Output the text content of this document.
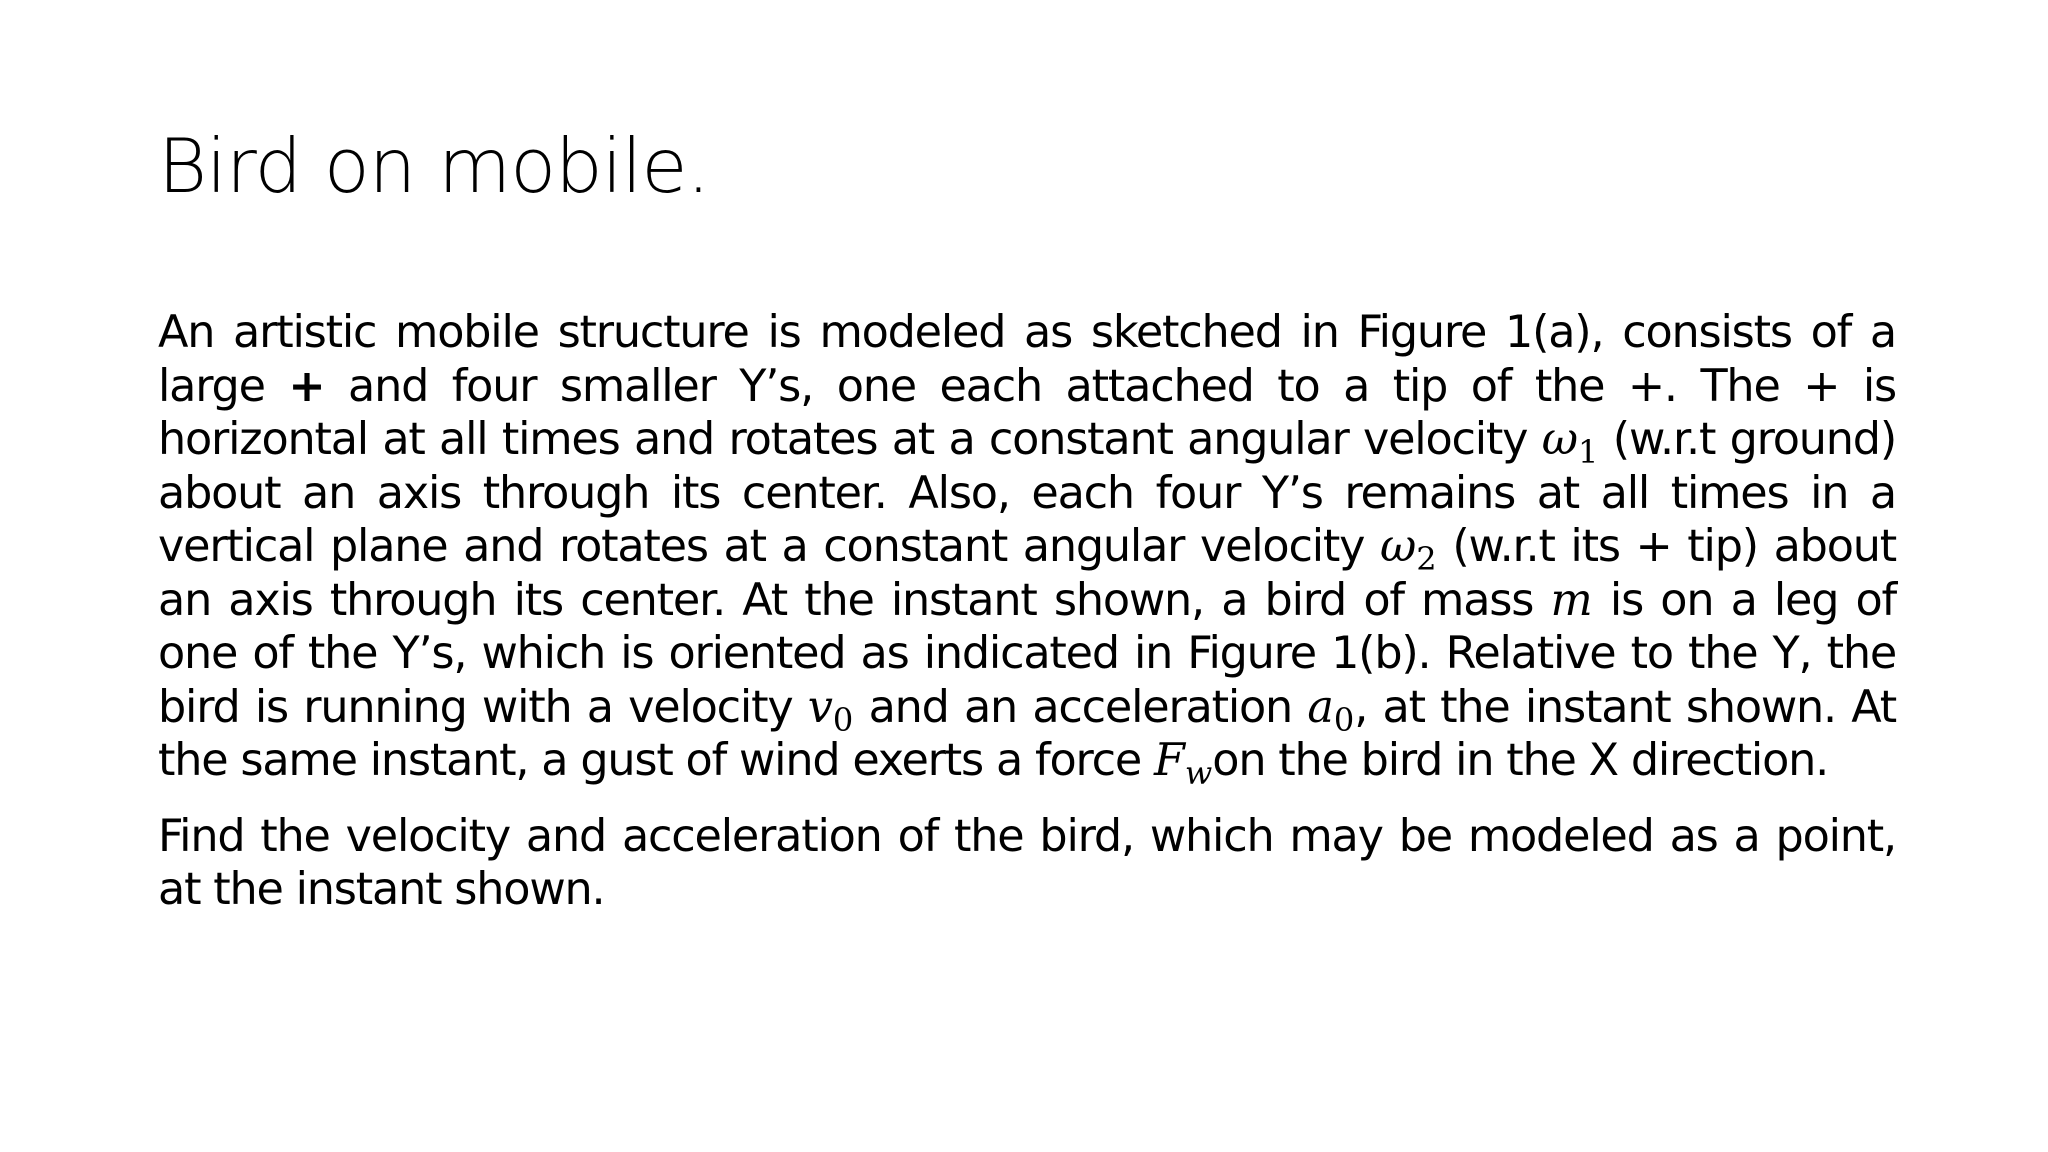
Bird on mobile.

An artistic mobile structure is modeled as sketched in Figure 1(a), consists of a large + and four smaller Y’s, one each attached to a tip of the +. The + is horizontal at all times and rotates at a constant angular velocity $\omega_1$ (w.r.t ground) about an axis through its center. Also, each four Y’s remains at all times in a vertical plane and rotates at a constant angular velocity $\omega_2$ (w.r.t its + tip) about an axis through its center. At the instant shown, a bird of mass m is on a leg of one of the Y’s, which is oriented as indicated in Figure 1(b). Relative to the Y, the bird is running with a velocity $v_0$ and an acceleration $a_0$, at the instant shown. At the same instant, a gust of wind exerts a force $F_won$ the bird in the X direction.

Find the velocity and acceleration of the bird, which may be modeled as a point, at the instant shown.
